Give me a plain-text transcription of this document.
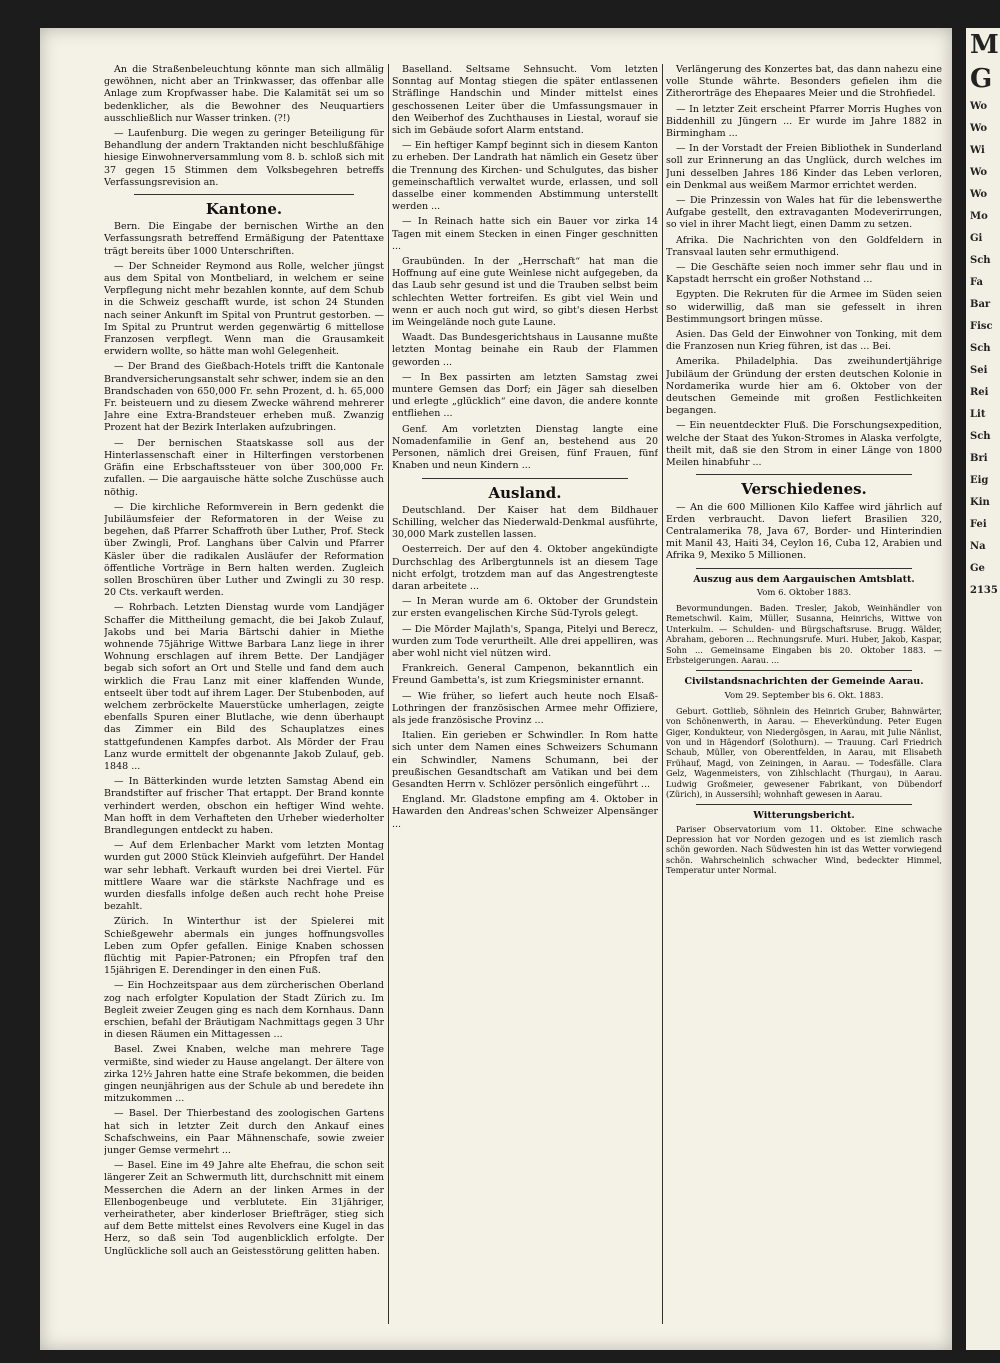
An die Straßenbeleuchtung könnte man sich allmälig gewöhnen, nicht aber an Trinkwasser, das offenbar alle Anlage zum Kropfwasser habe. Die Kalamität sei um so bedenklicher, als die Bewohner des Neuquartiers ausschließlich nur Wasser trinken. (?!)

— Laufenburg. Die wegen zu geringer Beteiligung für Behandlung der andern Traktanden nicht beschlußfähige hiesige Einwohnerversammlung vom 8. b. schloß sich mit 37 gegen 15 Stimmen dem Volksbegehren betreffs Verfassungsrevision an.

Kantone.

Bern. Die Eingabe der bernischen Wirthe an den Verfassungsrath betreffend Ermäßigung der Patenttaxe trägt bereits über 1000 Unterschriften.

— Der Schneider Reymond aus Rolle, welcher jüngst aus dem Spital von Montbeliard, in welchem er seine Verpflegung nicht mehr bezahlen konnte, auf dem Schub in die Schweiz geschafft wurde, ist schon 24 Stunden nach seiner Ankunft im Spital von Pruntrut gestorben. — Im Spital zu Pruntrut werden gegenwärtig 6 mittellose Franzosen verpflegt. Wenn man die Grausamkeit erwidern wollte, so hätte man wohl Gelegenheit.

— Der Brand des Gießbach-Hotels trifft die Kantonale Brandversicherungsanstalt sehr schwer, indem sie an den Brandschaden von 650,000 Fr. sehn Prozent, d. h. 65,000 Fr. beisteuern und zu diesem Zwecke während mehrerer Jahre eine Extra-Brandsteuer erheben muß. Zwanzig Prozent hat der Bezirk Interlaken aufzubringen.

— Der bernischen Staatskasse soll aus der Hinterlassenschaft einer in Hilterfingen verstorbenen Gräfin eine Erbschaftssteuer von über 300,000 Fr. zufallen. — Die aargauische hätte solche Zuschüsse auch nöthig.

— Die kirchliche Reformverein in Bern gedenkt die Jubiläumsfeier der Reformatoren in der Weise zu begehen, daß Pfarrer Schaffroth über Luther, Prof. Steck über Zwingli, Prof. Langhans über Calvin und Pfarrer Käsler über die radikalen Ausläufer der Reformation öffentliche Vorträge in Bern halten werden. Zugleich sollen Broschüren über Luther und Zwingli zu 30 resp. 20 Cts. verkauft werden.

— Rohrbach. Letzten Dienstag wurde vom Landjäger Schaffer die Mittheilung gemacht, die bei Jakob Zulauf, Jakobs und bei Maria Bärtschi dahier in Miethe wohnende 75jährige Wittwe Barbara Lanz liege in ihrer Wohnung erschlagen auf ihrem Bette. Der Landjäger begab sich sofort an Ort und Stelle und fand dem auch wirklich die Frau Lanz mit einer klaffenden Wunde, entseelt über todt auf ihrem Lager. Der Stubenboden, auf welchem zerbröckelte Mauerstücke umherlagen, zeigte ebenfalls Spuren einer Blutlache, wie denn überhaupt das Zimmer ein Bild des Schauplatzes eines stattgefundenen Kampfes darbot. Als Mörder der Frau Lanz wurde ermittelt der obgenannte Jakob Zulauf, geb. 1848 ...

— In Bätterkinden wurde letzten Samstag Abend ein Brandstifter auf frischer That ertappt. Der Brand konnte verhindert werden, obschon ein heftiger Wind wehte. Man hofft in dem Verhafteten den Urheber wiederholter Brandlegungen entdeckt zu haben.

— Auf dem Erlenbacher Markt vom letzten Montag wurden gut 2000 Stück Kleinvieh aufgeführt. Der Handel war sehr lebhaft. Verkauft wurden bei drei Viertel. Für mittlere Waare war die stärkste Nachfrage und es wurden diesfalls infolge deßen auch recht hohe Preise bezahlt.

Zürich. In Winterthur ist der Spielerei mit Schießgewehr abermals ein junges hoffnungsvolles Leben zum Opfer gefallen. Einige Knaben schossen flüchtig mit Papier-Patronen; ein Pfropfen traf den 15jährigen E. Derendinger in den einen Fuß.

— Ein Hochzeitspaar aus dem zürcherischen Oberland zog nach erfolgter Kopulation der Stadt Zürich zu. Im Begleit zweier Zeugen ging es nach dem Kornhaus. Dann erschien, befahl der Bräutigam Nachmittags gegen 3 Uhr in diesen Räumen ein Mittagessen ...

Basel. Zwei Knaben, welche man mehrere Tage vermißte, sind wieder zu Hause angelangt. Der ältere von zirka 12½ Jahren hatte eine Strafe bekommen, die beiden gingen neunjährigen aus der Schule ab und beredete ihn mitzukommen ...

— Basel. Der Thierbestand des zoologischen Gartens hat sich in letzter Zeit durch den Ankauf eines Schafschweins, ein Paar Mähnenschafe, sowie zweier junger Gemse vermehrt ...

— Basel. Eine im 49 Jahre alte Ehefrau, die schon seit längerer Zeit an Schwermuth litt, durchschnitt mit einem Messerchen die Adern an der linken Armes in der Ellenbogenbeuge und verblutete. Ein 31jähriger, verheiratheter, aber kinderloser Briefträger, stieg sich auf dem Bette mittelst eines Revolvers eine Kugel in das Herz, so daß sein Tod augenblicklich erfolgte. Der Unglückliche soll auch an Geistesstörung gelitten haben.

Baselland. Seltsame Sehnsucht. Vom letzten Sonntag auf Montag stiegen die später entlassenen Sträflinge Handschin und Minder mittelst eines geschossenen Leiter über die Umfassungsmauer in den Weiberhof des Zuchthauses in Liestal, worauf sie sich im Gebäude sofort Alarm entstand.

— Ein heftiger Kampf beginnt sich in diesem Kanton zu erheben. Der Landrath hat nämlich ein Gesetz über die Trennung des Kirchen- und Schulgutes, das bisher gemeinschaftlich verwaltet wurde, erlassen, und soll dasselbe einer kommenden Abstimmung unterstellt werden ...

— In Reinach hatte sich ein Bauer vor zirka 14 Tagen mit einem Stecken in einen Finger geschnitten ...

Graubünden. In der „Herrschaft“ hat man die Hoffnung auf eine gute Weinlese nicht aufgegeben, da das Laub sehr gesund ist und die Trauben selbst beim schlechten Wetter fortreifen. Es gibt viel Wein und wenn er auch noch gut wird, so gibt's diesen Herbst im Weingelände noch gute Laune.

Waadt. Das Bundesgerichtshaus in Lausanne mußte letzten Montag beinahe ein Raub der Flammen geworden ...

— In Bex passirten am letzten Samstag zwei muntere Gemsen das Dorf; ein Jäger sah dieselben und erlegte „glücklich“ eine davon, die andere konnte entfliehen ...

Genf. Am vorletzten Dienstag langte eine Nomadenfamilie in Genf an, bestehend aus 20 Personen, nämlich drei Greisen, fünf Frauen, fünf Knaben und neun Kindern ...

Ausland.

Deutschland. Der Kaiser hat dem Bildhauer Schilling, welcher das Niederwald-Denkmal ausführte, 30,000 Mark zustellen lassen.

Oesterreich. Der auf den 4. Oktober angekündigte Durchschlag des Arlbergtunnels ist an diesem Tage nicht erfolgt, trotzdem man auf das Angestrengteste daran arbeitete ...

— In Meran wurde am 6. Oktober der Grundstein zur ersten evangelischen Kirche Süd-Tyrols gelegt.

— Die Mörder Majlath's, Spanga, Pitelyi und Berecz, wurden zum Tode verurtheilt. Alle drei appelliren, was aber wohl nicht viel nützen wird.

Frankreich. General Campenon, bekanntlich ein Freund Gambetta's, ist zum Kriegsminister ernannt.

— Wie früher, so liefert auch heute noch Elsaß-Lothringen der französischen Armee mehr Offiziere, als jede französische Provinz ...

Italien. Ein gerieben er Schwindler. In Rom hatte sich unter dem Namen eines Schweizers Schumann ein Schwindler, Namens Schumann, bei der preußischen Gesandtschaft am Vatikan und bei dem Gesandten Herrn v. Schlözer persönlich eingeführt ...

England. Mr. Gladstone empfing am 4. Oktober in Hawarden den Andreas'schen Schweizer Alpensänger ...

Verlängerung des Konzertes bat, das dann nahezu eine volle Stunde währte. Besonders gefielen ihm die Zitherorträge des Ehepaares Meier und die Strohfiedel.

— In letzter Zeit erscheint Pfarrer Morris Hughes von Biddenhill zu Jüngern ... Er wurde im Jahre 1882 in Birmingham ...

— In der Vorstadt der Freien Bibliothek in Sunderland soll zur Erinnerung an das Unglück, durch welches im Juni desselben Jahres 186 Kinder das Leben verloren, ein Denkmal aus weißem Marmor errichtet werden.

— Die Prinzessin von Wales hat für die lebenswerthe Aufgabe gestellt, den extravaganten Modeverirrungen, so viel in ihrer Macht liegt, einen Damm zu setzen.

Afrika. Die Nachrichten von den Goldfeldern in Transvaal lauten sehr ermuthigend.

— Die Geschäfte seien noch immer sehr flau und in Kapstadt herrscht ein großer Nothstand ...

Egypten. Die Rekruten für die Armee im Süden seien so widerwillig, daß man sie gefesselt in ihren Bestimmungsort bringen müsse.

Asien. Das Geld der Einwohner von Tonking, mit dem die Franzosen nun Krieg führen, ist das ... Bei.

Amerika. Philadelphia. Das zweihundertjährige Jubiläum der Gründung der ersten deutschen Kolonie in Nordamerika wurde hier am 6. Oktober von der deutschen Gemeinde mit großen Festlichkeiten begangen.

— Ein neuentdeckter Fluß. Die Forschungsexpedition, welche der Staat des Yukon-Stromes in Alaska verfolgte, theilt mit, daß sie den Strom in einer Länge von 1800 Meilen hinabfuhr ...

Verschiedenes.

— An die 600 Millionen Kilo Kaffee wird jährlich auf Erden verbraucht. Davon liefert Brasilien 320, Centralamerika 78, Java 67, Border- und Hinterindien mit Manil 43, Haiti 34, Ceylon 16, Cuba 12, Arabien und Afrika 9, Mexiko 5 Millionen.

Auszug aus dem Aargauischen Amtsblatt.
Vom 6. Oktober 1883.

Bevormundungen. Baden. Tresler, Jakob, Weinhändler von Remetschwil. Kaim, Müller, Susanna, Heinrichs, Wittwe von Unterkulm. — Schulden- und Bürgschaftsruse. Brugg. Wälder, Abraham, geboren ... Rechnungsrufe. Muri. Huber, Jakob, Kaspar, Sohn ... Gemeinsame Eingaben bis 20. Oktober 1883. — Erbsteigerungen. Aarau. ...

Civilstandsnachrichten der Gemeinde Aarau.
Vom 29. September bis 6. Okt. 1883.

Geburt. Gottlieb, Söhnlein des Heinrich Gruber, Bahnwärter, von Schönenwerth, in Aarau. — Eheverkündung. Peter Eugen Giger, Kondukteur, von Niedergösgen, in Aarau, mit Julie Nänlist, von und in Hägendorf (Solothurn). — Trauung. Carl Friedrich Schaub, Müller, von Oberentfelden, in Aarau, mit Elisabeth Frühauf, Magd, von Zeiningen, in Aarau. — Todesfälle. Clara Gelz, Wagenmeisters, von Zihlschlacht (Thurgau), in Aarau. Ludwig Großmeier, gewesener Fabrikant, von Dübendorf (Zürich), in Aussersihl; wohnhaft gewesen in Aarau.

Witterungsbericht.

Pariser Observatorium vom 11. Oktober. Eine schwache Depression hat vor Norden gezogen und es ist ziemlich rasch schön geworden. Nach Südwesten hin ist das Wetter vorwiegend schön. Wahrscheinlich schwacher Wind, bedeckter Himmel, Temperatur unter Normal.

M
G
Wo
Wo
Wi
Wo
Wo
Mo
Gi
Sch
Fa
Bar
Fisc
Sch
Sei
Rei
Lit
Sch
Bri
Eig
Kin
Fei
Na
Ge
2135
